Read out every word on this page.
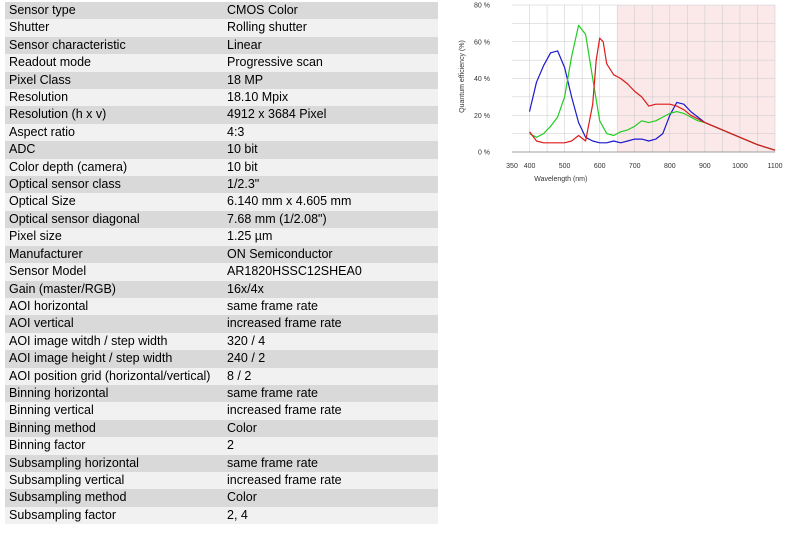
Sensor type	CMOS Color
Shutter	Rolling shutter
Sensor characteristic	Linear
Readout mode	Progressive scan
Pixel Class	18 MP
Resolution	18.10 Mpix
Resolution (h x v)	4912 x 3684 Pixel
Aspect ratio	4:3
ADC	10 bit
Color depth (camera)	10 bit
Optical sensor class	1/2.3"
Optical Size	6.140 mm x 4.605 mm
Optical sensor diagonal	7.68 mm (1/2.08")
Pixel size	1.25 µm
Manufacturer	ON Semiconductor
Sensor Model	AR1820HSSC12SHEA0
Gain (master/RGB)	16x/4x
AOI horizontal	same frame rate
AOI vertical	increased frame rate
AOI image witdh / step width	320 / 4
AOI image height / step width	240 / 2
AOI position grid (horizontal/vertical)	8 / 2
Binning horizontal	same frame rate
Binning vertical	increased frame rate
Binning method	Color
Binning factor	2
Subsampling horizontal	same frame rate
Subsampling vertical	increased frame rate
Subsampling method	Color
Subsampling factor	2, 4
350 400	500	600	700	800	900	1000	1100
0 %
20 %
40 %
60 %
80 %
Wavelength (nm)
Quantum efficiency (%)
